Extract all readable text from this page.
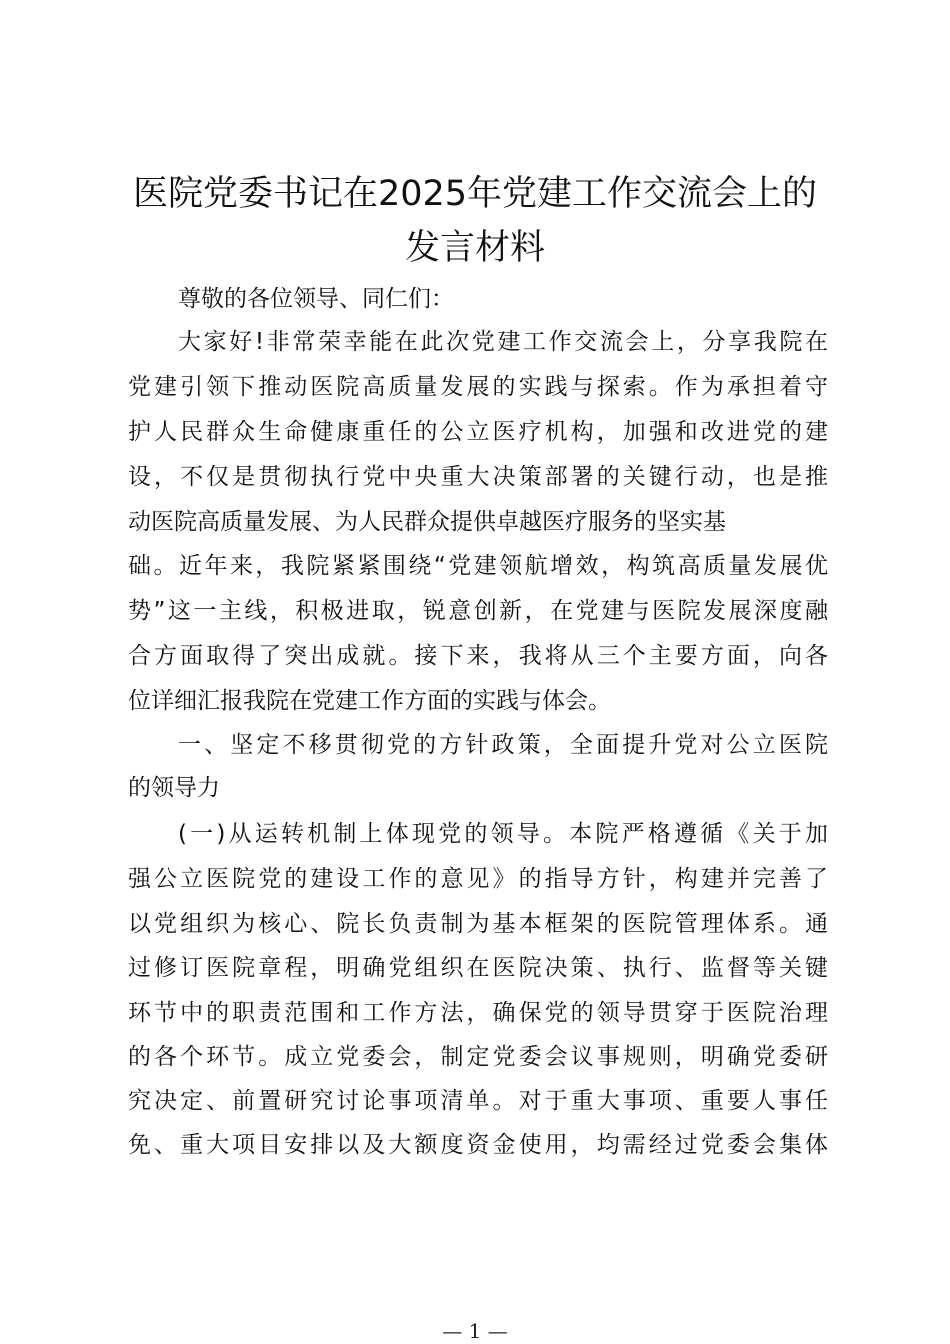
医院党委书记在2025年党建工作交流会上的
发言材料
尊敬的各位领导、同仁们：
大家好!非常荣幸能在此次党建工作交流会上，分享我院在
党建引领下推动医院高质量发展的实践与探索。作为承担着守
护人民群众生命健康重任的公立医疗机构，加强和改进党的建
设，不仅是贯彻执行党中央重大决策部署的关键行动，也是推
动医院高质量发展、为人民群众提供卓越医疗服务的坚实基
础。近年来，我院紧紧围绕“党建领航增效，构筑高质量发展优
势”这一主线，积极进取，锐意创新，在党建与医院发展深度融
合方面取得了突出成就。接下来，我将从三个主要方面，向各
位详细汇报我院在党建工作方面的实践与体会。
一、坚定不移贯彻党的方针政策，全面提升党对公立医院
的领导力
(一)从运转机制上体现党的领导。本院严格遵循《关于加
强公立医院党的建设工作的意见》的指导方针，构建并完善了
以党组织为核心、院长负责制为基本框架的医院管理体系。通
过修订医院章程，明确党组织在医院决策、执行、监督等关键
环节中的职责范围和工作方法，确保党的领导贯穿于医院治理
的各个环节。成立党委会，制定党委会议事规则，明确党委研
究决定、前置研究讨论事项清单。对于重大事项、重要人事任
免、重大项目安排以及大额度资金使用，均需经过党委会集体
— 1 —
